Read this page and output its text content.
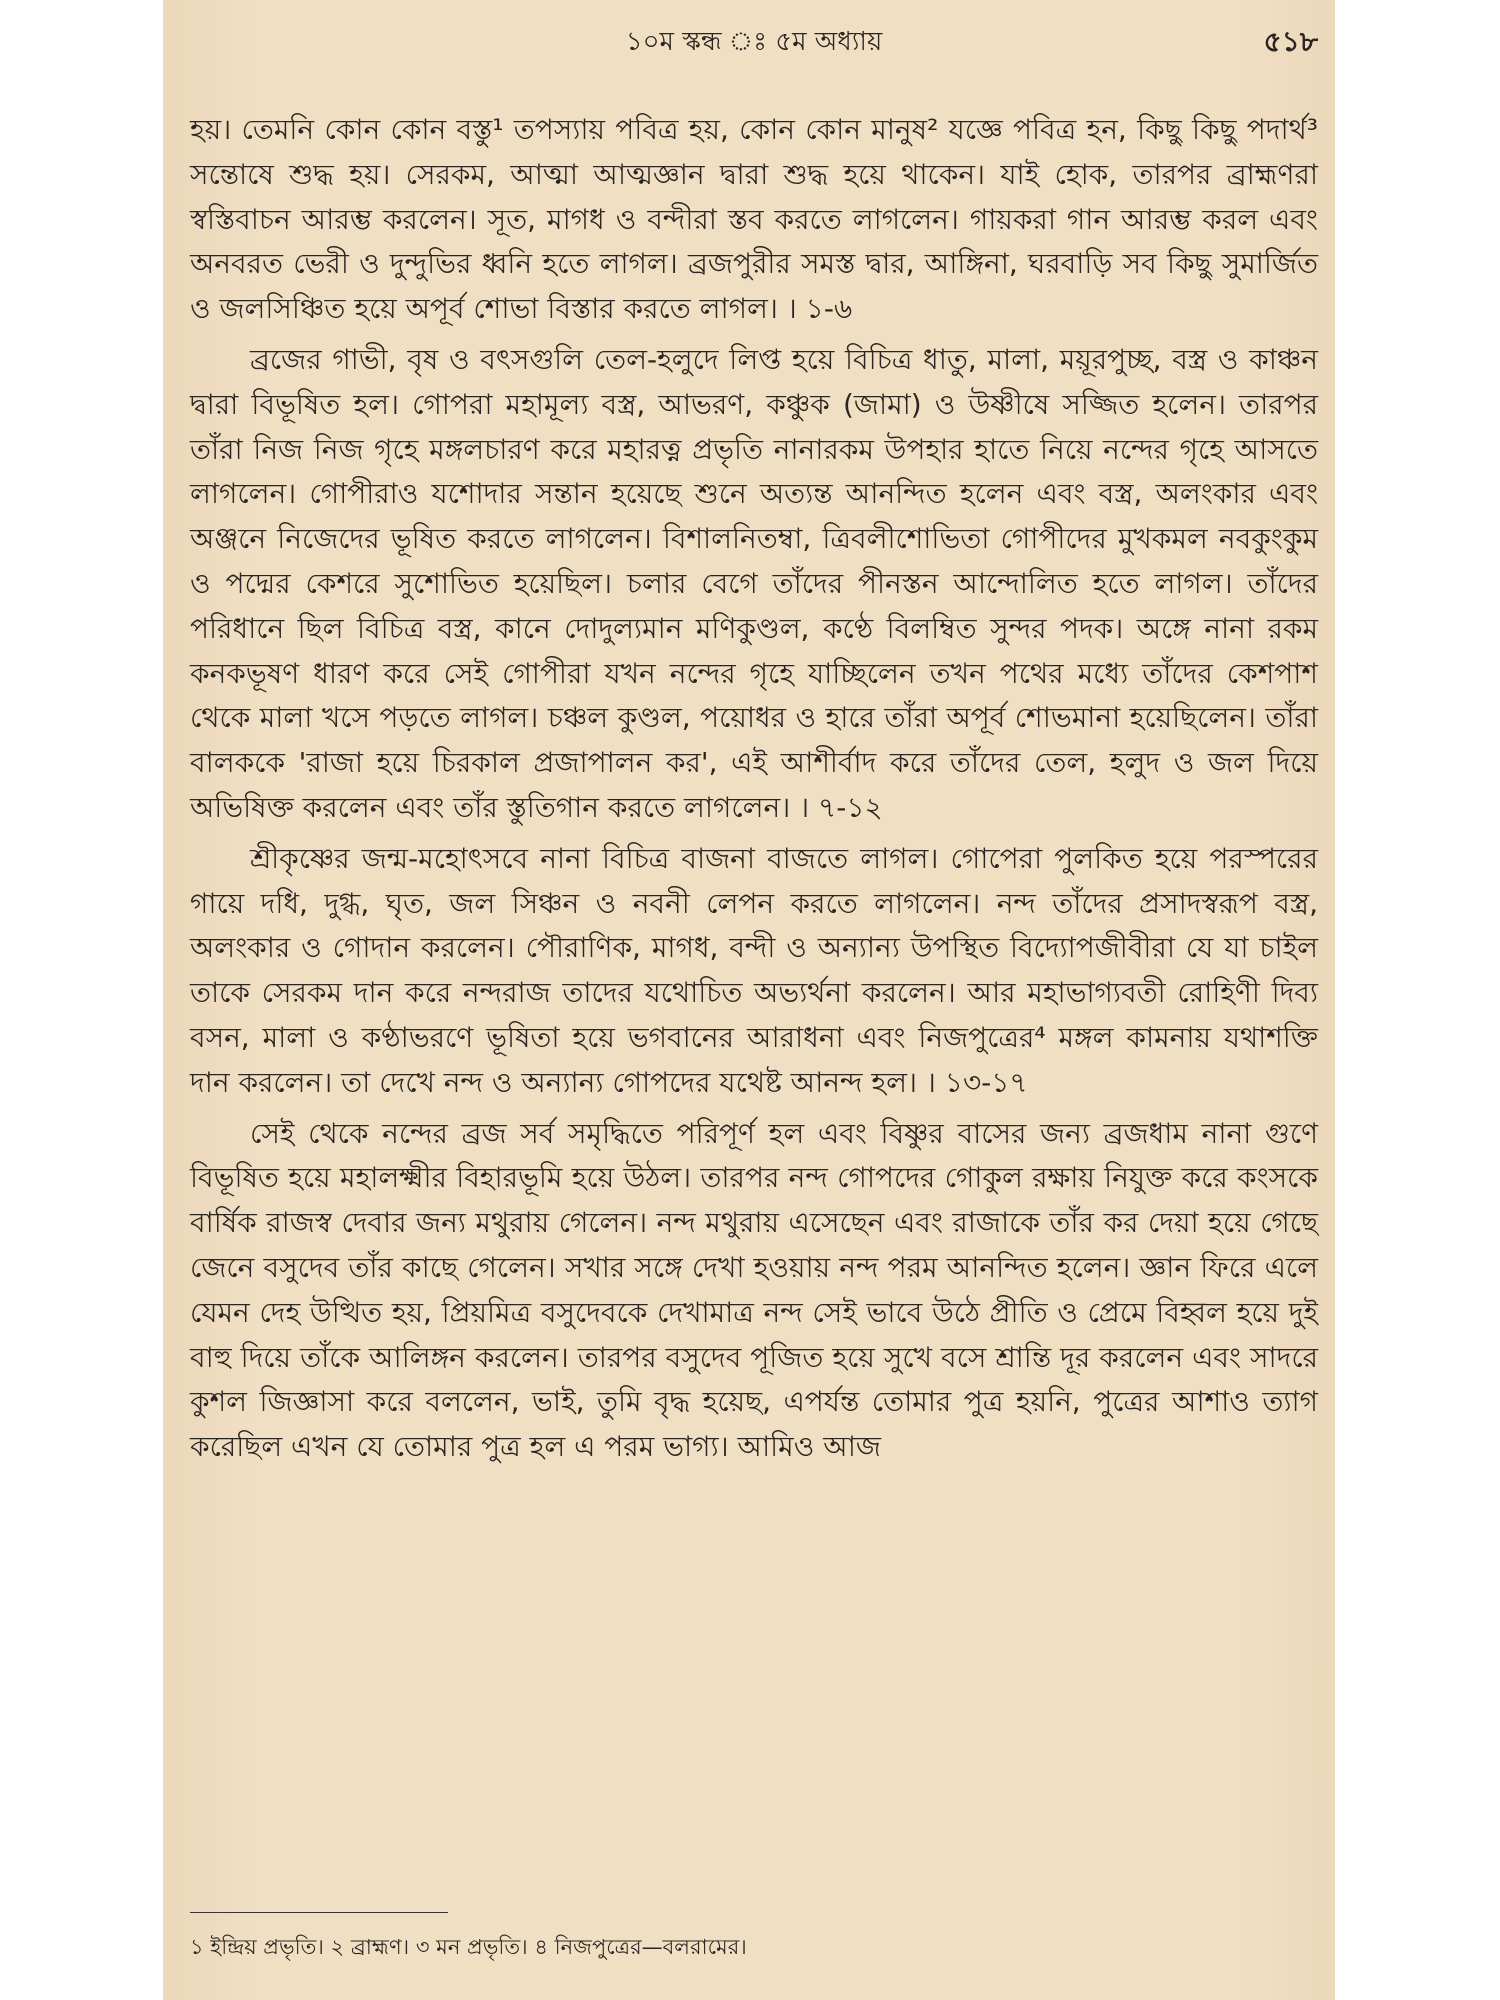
১০ম স্কন্ধ ঃ ৫ম অধ্যায়	৫১৮

হয়। তেমনি কোন কোন বস্তু¹ তপস্যায় পবিত্র হয়, কোন কোন মানুষ² যজ্ঞে পবিত্র হন, কিছু কিছু পদার্থ³ সন্তোষে শুদ্ধ হয়। সেরকম, আত্মা আত্মজ্ঞান দ্বারা শুদ্ধ হয়ে থাকেন। যাই হোক, তারপর ব্রাহ্মণরা স্বস্তিবাচন আরম্ভ করলেন। সূত, মাগধ ও বন্দীরা স্তব করতে লাগলেন। গায়করা গান আরম্ভ করল এবং অনবরত ভেরী ও দুন্দুভির ধ্বনি হতে লাগল। ব্রজপুরীর সমস্ত দ্বার, আঙ্গিনা, ঘরবাড়ি সব কিছু সুমার্জিত ও জলসিঞ্চিত হয়ে অপূর্ব শোভা বিস্তার করতে লাগল। । ১-৬

ব্রজের গাভী, বৃষ ও বৎসগুলি তেল-হলুদে লিপ্ত হয়ে বিচিত্র ধাতু, মালা, ময়ূরপুচ্ছ, বস্ত্র ও কাঞ্চন দ্বারা বিভূষিত হল। গোপরা মহামূল্য বস্ত্র, আভরণ, কঞ্চুক (জামা) ও উষ্ণীষে সজ্জিত হলেন। তারপর তাঁরা নিজ নিজ গৃহে মঙ্গলচারণ করে মহারত্ন প্রভৃতি নানারকম উপহার হাতে নিয়ে নন্দের গৃহে আসতে লাগলেন। গোপীরাও যশোদার সন্তান হয়েছে শুনে অত্যন্ত আনন্দিত হলেন এবং বস্ত্র, অলংকার এবং অঞ্জনে নিজেদের ভূষিত করতে লাগলেন। বিশালনিতম্বা, ত্রিবলীশোভিতা গোপীদের মুখকমল নবকুংকুম ও পদ্মের কেশরে সুশোভিত হয়েছিল। চলার বেগে তাঁদের পীনস্তন আন্দোলিত হতে লাগল। তাঁদের পরিধানে ছিল বিচিত্র বস্ত্র, কানে দোদুল্যমান মণিকুণ্ডল, কণ্ঠে বিলম্বিত সুন্দর পদক। অঙ্গে নানা রকম কনকভূষণ ধারণ করে সেই গোপীরা যখন নন্দের গৃহে যাচ্ছিলেন তখন পথের মধ্যে তাঁদের কেশপাশ থেকে মালা খসে পড়তে লাগল। চঞ্চল কুণ্ডল, পয়োধর ও হারে তাঁরা অপূর্ব শোভমানা হয়েছিলেন। তাঁরা বালককে 'রাজা হয়ে চিরকাল প্রজাপালন কর', এই আশীর্বাদ করে তাঁদের তেল, হলুদ ও জল দিয়ে অভিষিক্ত করলেন এবং তাঁর স্তুতিগান করতে লাগলেন। । ৭-১২

শ্রীকৃষ্ণের জন্ম-মহোৎসবে নানা বিচিত্র বাজনা বাজতে লাগল। গোপেরা পুলকিত হয়ে পরস্পরের গায়ে দধি, দুগ্ধ, ঘৃত, জল সিঞ্চন ও নবনী লেপন করতে লাগলেন। নন্দ তাঁদের প্রসাদস্বরূপ বস্ত্র, অলংকার ও গোদান করলেন। পৌরাণিক, মাগধ, বন্দী ও অন্যান্য উপস্থিত বিদ্যোপজীবীরা যে যা চাইল তাকে সেরকম দান করে নন্দরাজ তাদের যথোচিত অভ্যর্থনা করলেন। আর মহাভাগ্যবতী রোহিণী দিব্য বসন, মালা ও কণ্ঠাভরণে ভূষিতা হয়ে ভগবানের আরাধনা এবং নিজপুত্রের⁴ মঙ্গল কামনায় যথাশক্তি দান করলেন। তা দেখে নন্দ ও অন্যান্য গোপদের যথেষ্ট আনন্দ হল। । ১৩-১৭

সেই থেকে নন্দের ব্রজ সর্ব সমৃদ্ধিতে পরিপূর্ণ হল এবং বিষ্ণুর বাসের জন্য ব্রজধাম নানা গুণে বিভূষিত হয়ে মহালক্ষ্মীর বিহারভূমি হয়ে উঠল। তারপর নন্দ গোপদের গোকুল রক্ষায় নিযুক্ত করে কংসকে বার্ষিক রাজস্ব দেবার জন্য মথুরায় গেলেন। নন্দ মথুরায় এসেছেন এবং রাজাকে তাঁর কর দেয়া হয়ে গেছে জেনে বসুদেব তাঁর কাছে গেলেন। সখার সঙ্গে দেখা হওয়ায় নন্দ পরম আনন্দিত হলেন। জ্ঞান ফিরে এলে যেমন দেহ উত্থিত হয়, প্রিয়মিত্র বসুদেবকে দেখামাত্র নন্দ সেই ভাবে উঠে প্রীতি ও প্রেমে বিহ্বল হয়ে দুই বাহু দিয়ে তাঁকে আলিঙ্গন করলেন। তারপর বসুদেব পূজিত হয়ে সুখে বসে শ্রান্তি দূর করলেন এবং সাদরে কুশল জিজ্ঞাসা করে বললেন, ভাই, তুমি বৃদ্ধ হয়েছ, এপর্যন্ত তোমার পুত্র হয়নি, পুত্রের আশাও ত্যাগ করেছিল এখন যে তোমার পুত্র হল এ পরম ভাগ্য। আমিও আজ

১ ইন্দ্রিয় প্রভৃতি। ২ ব্রাহ্মণ। ৩ মন প্রভৃতি। ৪ নিজপুত্রের—বলরামের।
